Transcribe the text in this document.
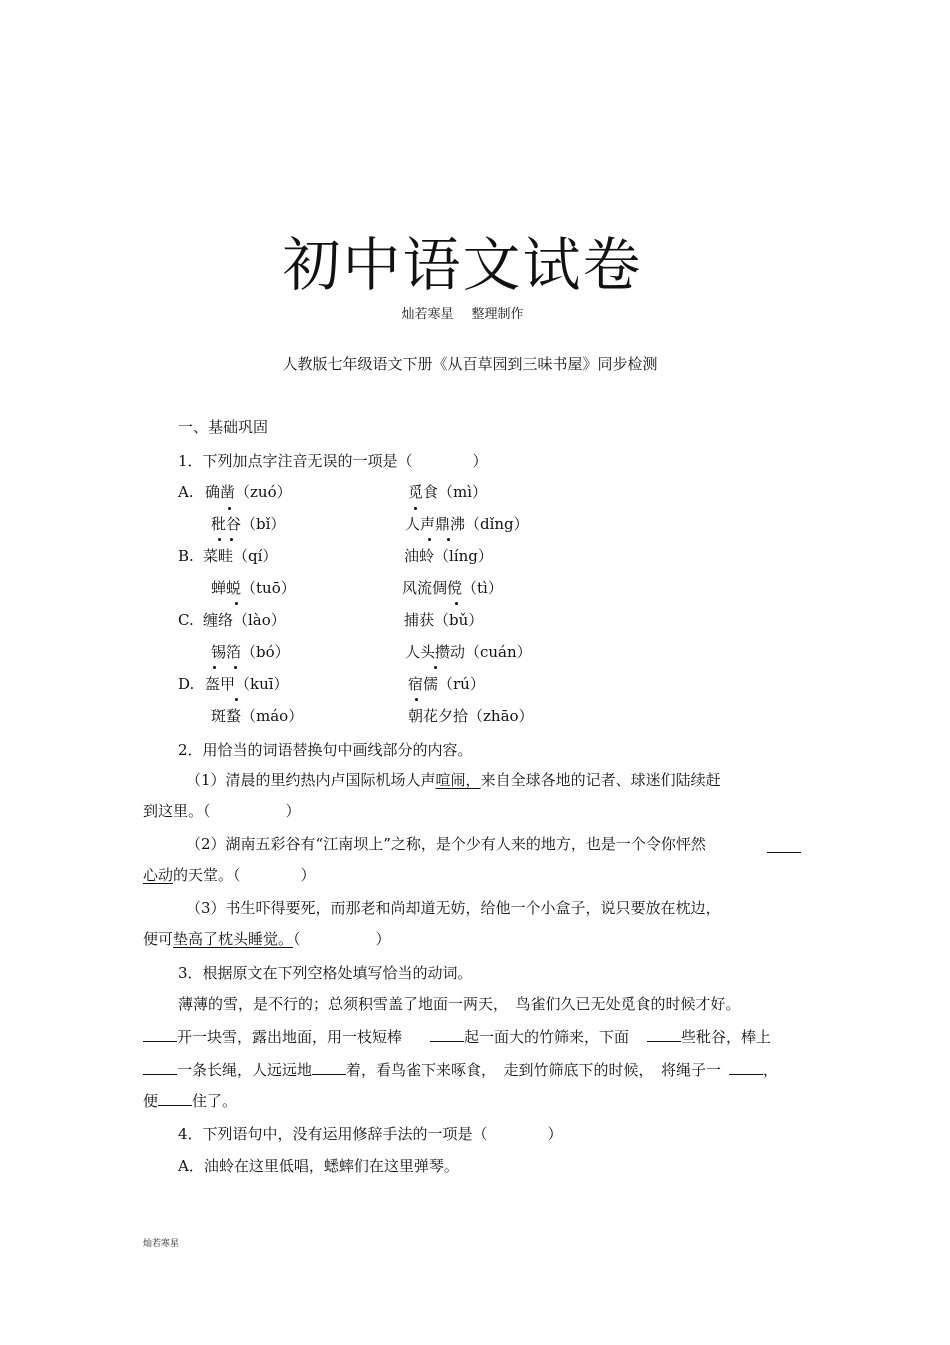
初中语文试卷
灿若寒星 整理制作
人教版七年级语文下册《从百草园到三味书屋》同步检测
一、基础巩固
1．下列加点字注音无误的一项是（　　　　）
A. 确凿（zuó）	觅食（mì）
秕谷（bǐ）	人声鼎沸（dǐng）
B. 菜畦（qí）	油蛉（líng）
蝉蜕（tuō）	风流倜傥（tì）
C. 缠络（lào）	捕获（bǔ）
锡箔（bó）	人头攒动（cuán）
D. 盔甲（kuī）	宿儒（rú）
斑蝥（máo）	朝花夕拾（zhāo）
2．用恰当的词语替换句中画线部分的内容。
（1）清晨的里约热内卢国际机场人声喧闹，来自全球各地的记者、球迷们陆续赶
到这里。（　　　　　）
（2）湖南五彩谷有“江南坝上”之称，是个少有人来的地方，也是一个令你怦然
心动的天堂。（　　　　）
（3）书生吓得要死，而那老和尚却道无妨，给他一个小盒子，说只要放在枕边，
便可垫高了枕头睡觉。（　　　　　）
3．根据原文在下列空格处填写恰当的动词。
薄薄的雪，是不行的；总须积雪盖了地面一两天，　鸟雀们久已无处觅食的时候才好。
开一块雪，露出地面，用一枝短棒	起一面大的竹筛来，下面	些秕谷，棒上
一条长绳，人远远地 着，看鸟雀下来啄食，　走到竹筛底下的时候，　将绳子一	，
便 住了。
4．下列语句中，没有运用修辞手法的一项是（　　　　）
A．油蛉在这里低唱，蟋蟀们在这里弹琴。
灿若寒星
